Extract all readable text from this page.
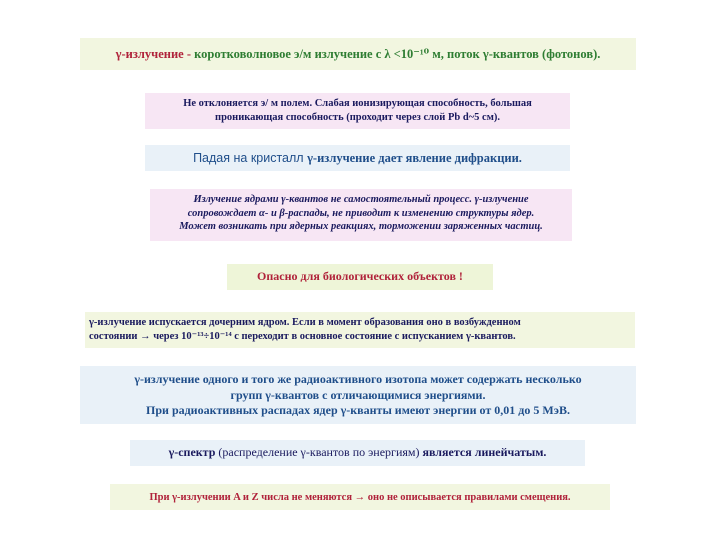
γ-излучение - коротковолновое э/м излучение с λ <10⁻¹⁰ м, поток γ-квантов (фотонов).
Не отклоняется э/ м полем. Слабая ионизирующая способность, большая
проникающая способность (проходит через слой Pb d~5 см).
Падая на кристалл γ-излучение дает явление дифракции.
Излучение ядрами γ-квантов не самостоятельный процесс. γ-излучение
сопровождает α- и β-распады, не приводит к изменению структуры ядер.
Может возникать при ядерных реакциях, торможении заряженных частиц.
Опасно для биологических объектов !
γ-излучение испускается дочерним ядром. Если в момент образования оно в возбужденном
состоянии → через 10⁻¹³÷10⁻¹⁴ с переходит в основное состояние с испусканием γ-квантов.
γ-излучение одного и того же радиоактивного изотопа может содержать несколько
групп γ-квантов с отличающимися энергиями.
При радиоактивных распадах ядер γ-кванты имеют энергии от 0,01 до 5 МэВ.
γ-спектр (распределение γ-квантов по энергиям) является линейчатым.
При γ-излучении A и Z числа не меняются → оно не описывается правилами смещения.
